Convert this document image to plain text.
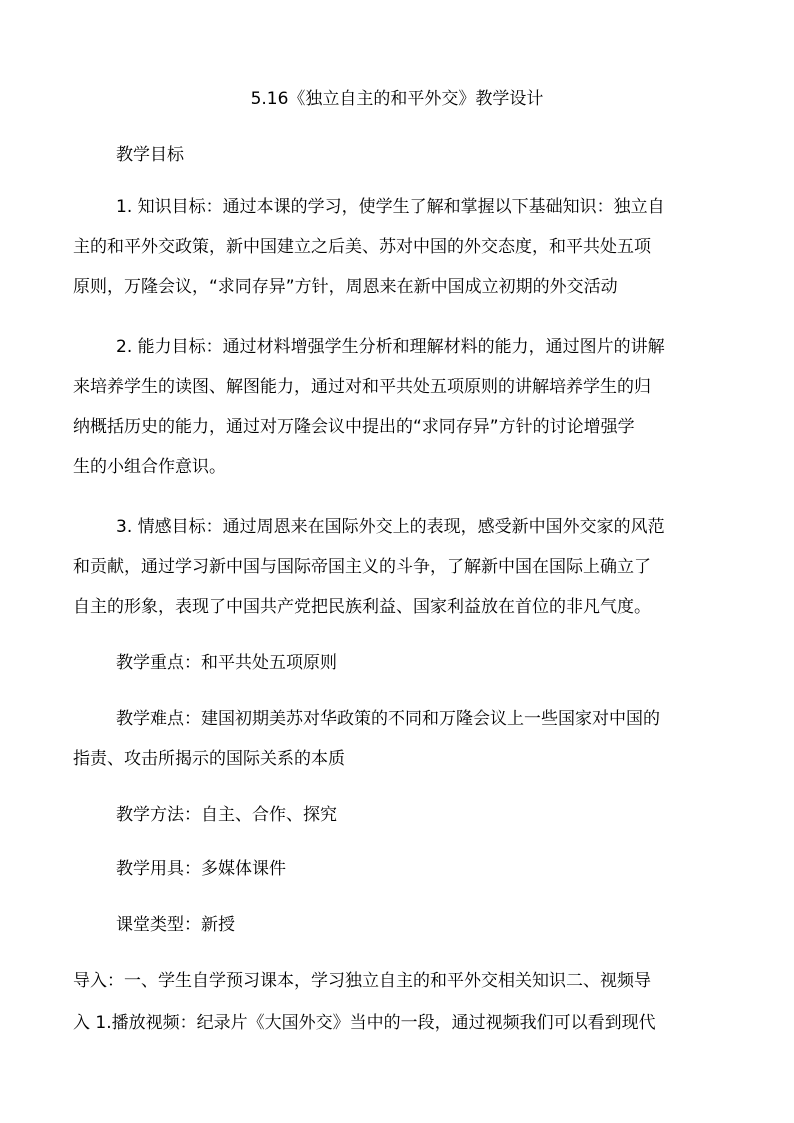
5.16《独立自主的和平外交》教学设计
教学目标
1. 知识目标：通过本课的学习，使学生了解和掌握以下基础知识：独立自
主的和平外交政策，新中国建立之后美、苏对中国的外交态度，和平共处五项
原则，万隆会议，“求同存异”方针，周恩来在新中国成立初期的外交活动
2. 能力目标：通过材料增强学生分析和理解材料的能力，通过图片的讲解
来培养学生的读图、解图能力，通过对和平共处五项原则的讲解培养学生的归
纳概括历史的能力，通过对万隆会议中提出的“求同存异”方针的讨论增强学
生的小组合作意识。
3. 情感目标：通过周恩来在国际外交上的表现，感受新中国外交家的风范
和贡献，通过学习新中国与国际帝国主义的斗争，了解新中国在国际上确立了
自主的形象，表现了中国共产党把民族利益、国家利益放在首位的非凡气度。
教学重点：和平共处五项原则
教学难点：建国初期美苏对华政策的不同和万隆会议上一些国家对中国的
指责、攻击所揭示的国际关系的本质
教学方法：自主、合作、探究
教学用具：多媒体课件
课堂类型：新授
导入：一、学生自学预习课本，学习独立自主的和平外交相关知识二、视频导
入 1.播放视频：纪录片《大国外交》当中的一段，通过视频我们可以看到现代
